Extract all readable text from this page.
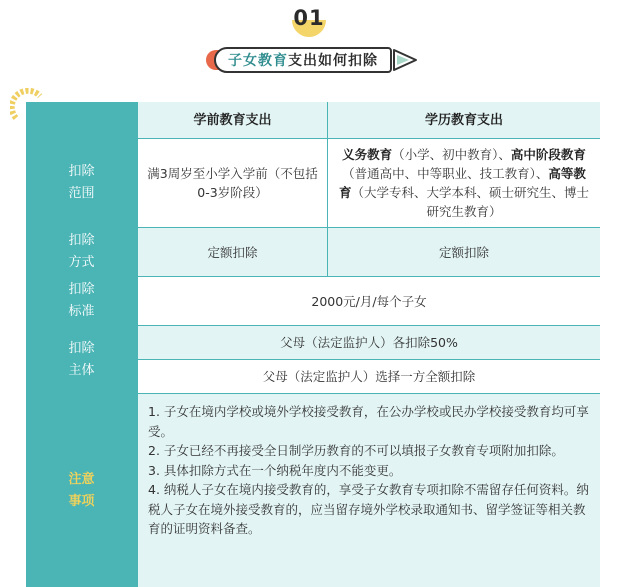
01
子女教育支出如何扣除
学前教育支出	学历教育支出
扣除
范围
满3周岁至小学入学前（不包括0-3岁阶段）
义务教育（小学、初中教育）、高中阶段教育（普通高中、中等职业、技工教育）、高等教育（大学专科、大学本科、硕士研究生、博士研究生教育）
扣除
方式
定额扣除	定额扣除
扣除
标准
2000元/月/每个子女
扣除
主体
父母（法定监护人）各扣除50%
父母（法定监护人）选择一方全额扣除
注意
事项

1. 子女在境内学校或境外学校接受教育，在公办学校或民办学校接受教育均可享受。

2. 子女已经不再接受全日制学历教育的不可以填报子女教育专项附加扣除。

3. 具体扣除方式在一个纳税年度内不能变更。

4. 纳税人子女在境内接受教育的，享受子女教育专项扣除不需留存任何资料。纳税人子女在境外接受教育的，应当留存境外学校录取通知书、留学签证等相关教育的证明资料备查。
